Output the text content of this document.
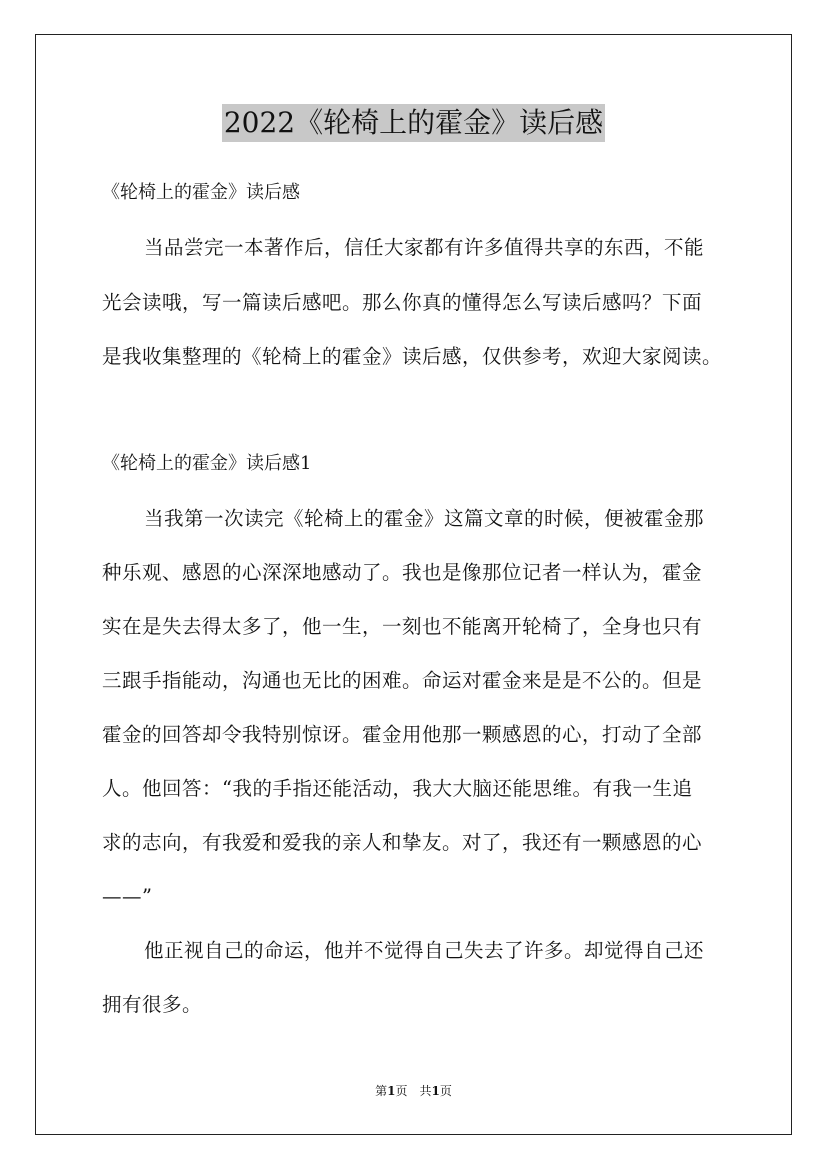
2022《轮椅上的霍金》读后感
《轮椅上的霍金》读后感
当品尝完一本著作后，信任大家都有许多值得共享的东西，不能
光会读哦，写一篇读后感吧。那么你真的懂得怎么写读后感吗？下面
是我收集整理的《轮椅上的霍金》读后感，仅供参考，欢迎大家阅读。
《轮椅上的霍金》读后感1
当我第一次读完《轮椅上的霍金》这篇文章的时候，便被霍金那
种乐观、感恩的心深深地感动了。我也是像那位记者一样认为，霍金
实在是失去得太多了，他一生，一刻也不能离开轮椅了，全身也只有
三跟手指能动，沟通也无比的困难。命运对霍金来是是不公的。但是
霍金的回答却令我特别惊讶。霍金用他那一颗感恩的心，打动了全部
人。他回答：“我的手指还能活动，我大大脑还能思维。有我一生追
求的志向，有我爱和爱我的亲人和挚友。对了，我还有一颗感恩的心
——”
他正视自己的命运，他并不觉得自己失去了许多。却觉得自己还
拥有很多。
第1页　共1页
